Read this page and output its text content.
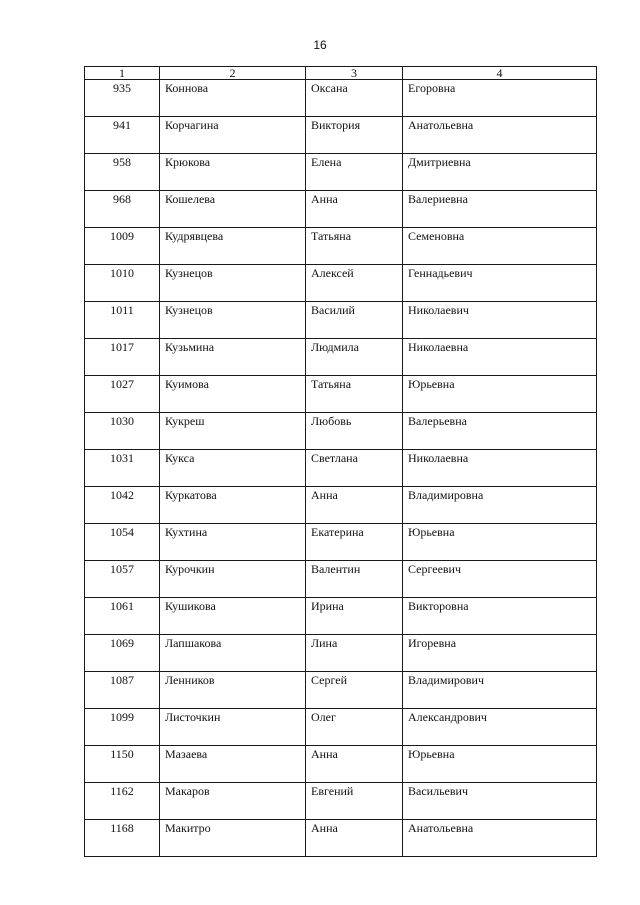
16
1	2	3	4
935	Коннова	Оксана	Егоровна
941	Корчагина	Виктория	Анатольевна
958	Крюкова	Елена	Дмитриевна
968	Кошелева	Анна	Валериевна
1009	Кудрявцева	Татьяна	Семеновна
1010	Кузнецов	Алексей	Геннадьевич
1011	Кузнецов	Василий	Николаевич
1017	Кузьмина	Людмила	Николаевна
1027	Куимова	Татьяна	Юрьевна
1030	Кукреш	Любовь	Валерьевна
1031	Кукса	Светлана	Николаевна
1042	Куркатова	Анна	Владимировна
1054	Кухтина	Екатерина	Юрьевна
1057	Курочкин	Валентин	Сергеевич
1061	Кушикова	Ирина	Викторовна
1069	Лапшакова	Лина	Игоревна
1087	Ленников	Сергей	Владимирович
1099	Листочкин	Олег	Александрович
1150	Мазаева	Анна	Юрьевна
1162	Макаров	Евгений	Васильевич
1168	Макитро	Анна	Анатольевна
